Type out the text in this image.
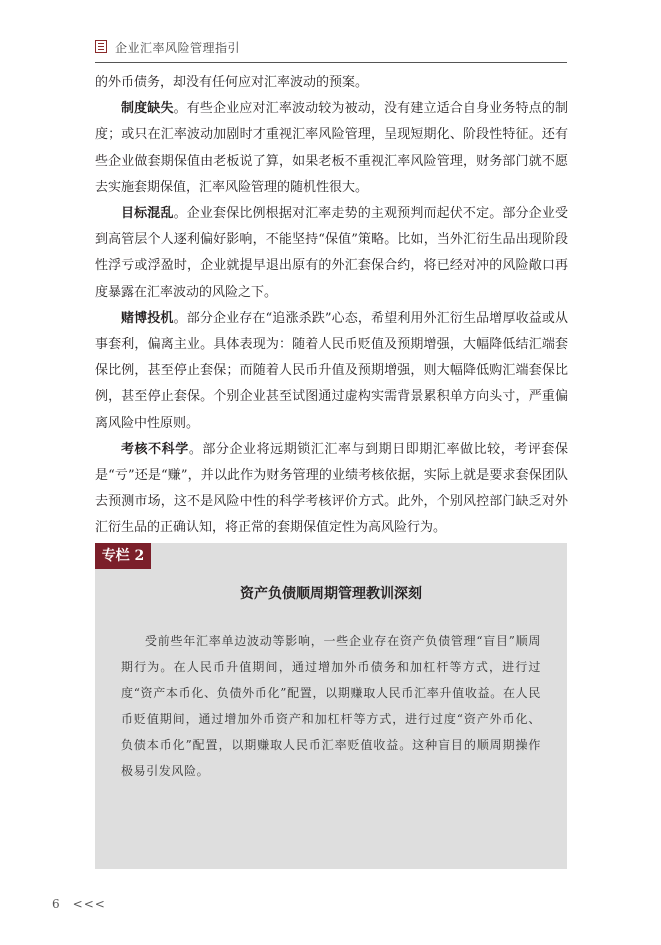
企业汇率风险管理指引

的外币债务，却没有任何应对汇率波动的预案。

制度缺失。有些企业应对汇率波动较为被动，没有建立适合自身业务特点的制度；或只在汇率波动加剧时才重视汇率风险管理，呈现短期化、阶段性特征。还有些企业做套期保值由老板说了算，如果老板不重视汇率风险管理，财务部门就不愿去实施套期保值，汇率风险管理的随机性很大。

目标混乱。企业套保比例根据对汇率走势的主观预判而起伏不定。部分企业受到高管层个人逐利偏好影响，不能坚持“保值”策略。比如，当外汇衍生品出现阶段性浮亏或浮盈时，企业就提早退出原有的外汇套保合约，将已经对冲的风险敞口再度暴露在汇率波动的风险之下。

赌博投机。部分企业存在“追涨杀跌”心态，希望利用外汇衍生品增厚收益或从事套利，偏离主业。具体表现为：随着人民币贬值及预期增强，大幅降低结汇端套保比例，甚至停止套保；而随着人民币升值及预期增强，则大幅降低购汇端套保比例，甚至停止套保。个别企业甚至试图通过虚构实需背景累积单方向头寸，严重偏离风险中性原则。

考核不科学。部分企业将远期锁汇汇率与到期日即期汇率做比较，考评套保是“亏”还是“赚”，并以此作为财务管理的业绩考核依据，实际上就是要求套保团队去预测市场，这不是风险中性的科学考核评价方式。此外，个别风控部门缺乏对外汇衍生品的正确认知，将正常的套期保值定性为高风险行为。

专栏 2
资产负债顺周期管理教训深刻

受前些年汇率单边波动等影响，一些企业存在资产负债管理“盲目”顺周期行为。在人民币升值期间，通过增加外币债务和加杠杆等方式，进行过度“资产本币化、负债外币化”配置，以期赚取人民币汇率升值收益。在人民币贬值期间，通过增加外币资产和加杠杆等方式，进行过度“资产外币化、负债本币化”配置，以期赚取人民币汇率贬值收益。这种盲目的顺周期操作极易引发风险。

6 <<<
